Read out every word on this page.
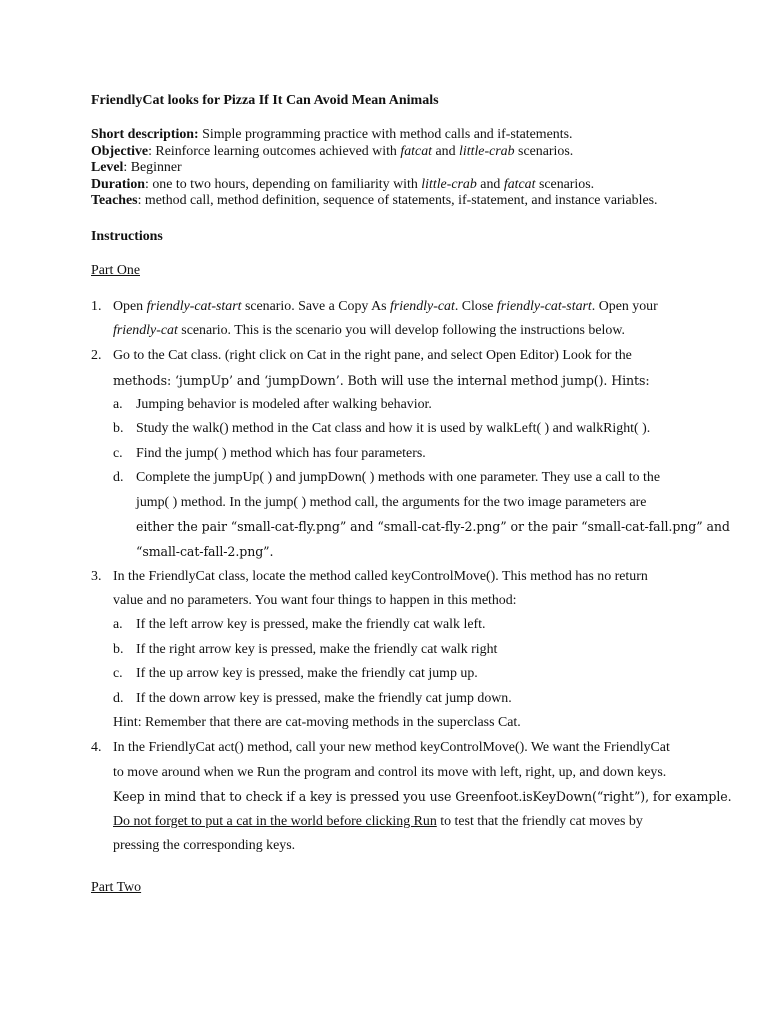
FriendlyCat looks for Pizza If It Can Avoid Mean Animals
Short description: Simple programming practice with method calls and if-statements.
Objective: Reinforce learning outcomes achieved with fatcat and little-crab scenarios.
Level: Beginner
Duration: one to two hours, depending on familiarity with little-crab and fatcat scenarios.
Teaches: method call, method definition, sequence of statements, if-statement, and instance variables.
Instructions
Part One
1. Open friendly-cat-start scenario. Save a Copy As friendly-cat. Close friendly-cat-start. Open your
friendly-cat scenario. This is the scenario you will develop following the instructions below.
2. Go to the Cat class. (right click on Cat in the right pane, and select Open Editor) Look for the
methods: ‘jumpUp’ and ‘jumpDown’. Both will use the internal method jump(). Hints:
a. Jumping behavior is modeled after walking behavior.
b. Study the walk() method in the Cat class and how it is used by walkLeft( ) and walkRight( ).
c. Find the jump( ) method which has four parameters.
d. Complete the jumpUp( ) and jumpDown( ) methods with one parameter. They use a call to the
jump( ) method. In the jump( ) method call, the arguments for the two image parameters are
either the pair “small-cat-fly.png” and “small-cat-fly-2.png” or the pair “small-cat-fall.png” and
“small-cat-fall-2.png”.
3. In the FriendlyCat class, locate the method called keyControlMove(). This method has no return
value and no parameters. You want four things to happen in this method:
a. If the left arrow key is pressed, make the friendly cat walk left.
b. If the right arrow key is pressed, make the friendly cat walk right
c. If the up arrow key is pressed, make the friendly cat jump up.
d. If the down arrow key is pressed, make the friendly cat jump down.
Hint: Remember that there are cat-moving methods in the superclass Cat.
4. In the FriendlyCat act() method, call your new method keyControlMove(). We want the FriendlyCat
to move around when we Run the program and control its move with left, right, up, and down keys.
Keep in mind that to check if a key is pressed you use Greenfoot.isKeyDown(“right”), for example.
Do not forget to put a cat in the world before clicking Run to test that the friendly cat moves by
pressing the corresponding keys.
Part Two
